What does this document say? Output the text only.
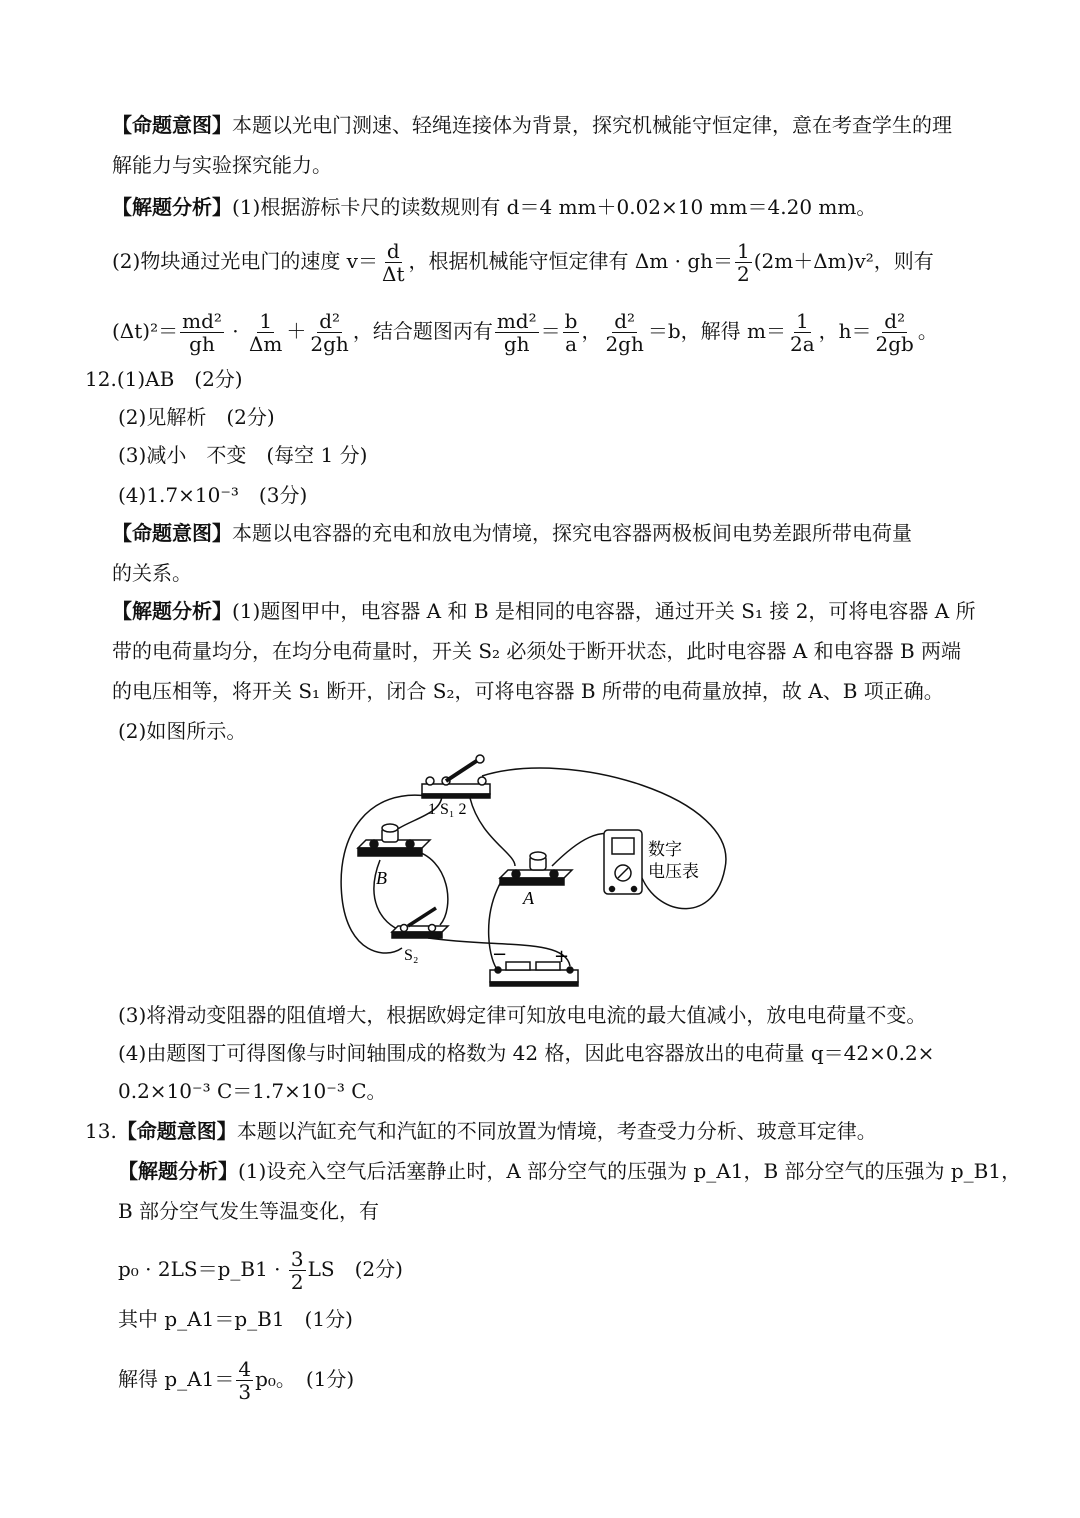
【命题意图】本题以光电门测速、轻绳连接体为背景，探究机械能守恒定律，意在考查学生的理
解能力与实验探究能力。
【解题分析】(1)根据游标卡尺的读数规则有 d＝4 mm＋0.02×10 mm＝4.20 mm。
(2)物块通过光电门的速度 $v= \frac{d}{\Delta t}$ ，根据机械能守恒定律有 $\Delta m \cdot gh= \frac{1}{2} (2m+\Delta m)v^2$，则有
$(\Delta t)^2= \frac{\text{md²}}{gh} \cdot \frac{1}{\Delta m} + \frac{\text{d²}}{2gh}$ ，结合题图丙有 $\frac{\text{md²}}{gh} = \frac{b}{a}$ ， $\frac{\text{d²}}{2gh} =b$，解得 $m= \frac{1}{2a}$ ，$h= \frac{\text{d²}}{2gb}$ 。
12.(1)AB　(2分)
(2)见解析　(2分)
(3)减小　不变　(每空 1 分)
(4)1.7×10⁻³　(3分)
【命题意图】本题以电容器的充电和放电为情境，探究电容器两极板间电势差跟所带电荷量
的关系。
【解题分析】(1)题图甲中，电容器 A 和 B 是相同的电容器，通过开关 S₁ 接 2，可将电容器 A 所
带的电荷量均分，在均分电荷量时，开关 S₂ 必须处于断开状态，此时电容器 A 和电容器 B 两端
的电压相等，将开关 S₁ 断开，闭合 S₂，可将电容器 B 所带的电荷量放掉，故 A、B 项正确。
(2)如图所示。
1 S₁ 2
B
A
数字
电压表
S₂	−	+
(3)将滑动变阻器的阻值增大，根据欧姆定律可知放电电流的最大值减小，放电电荷量不变。
(4)由题图丁可得图像与时间轴围成的格数为 42 格，因此电容器放出的电荷量 q＝42×0.2×
0.2×10⁻³ C＝1.7×10⁻³ C。
13.【命题意图】本题以汽缸充气和汽缸的不同放置为情境，考查受力分析、玻意耳定律。
【解题分析】(1)设充入空气后活塞静止时，A 部分空气的压强为 p_A1，B 部分空气的压强为 p_B1，
B 部分空气发生等温变化，有
p₀ · 2LS＝p_B1 · $\frac{3}{2}$ LS　(2分)
其中 p_A1＝p_B1　(1分)
解得 p_A1＝ $\frac{4}{3} p_0$。　(1分)
